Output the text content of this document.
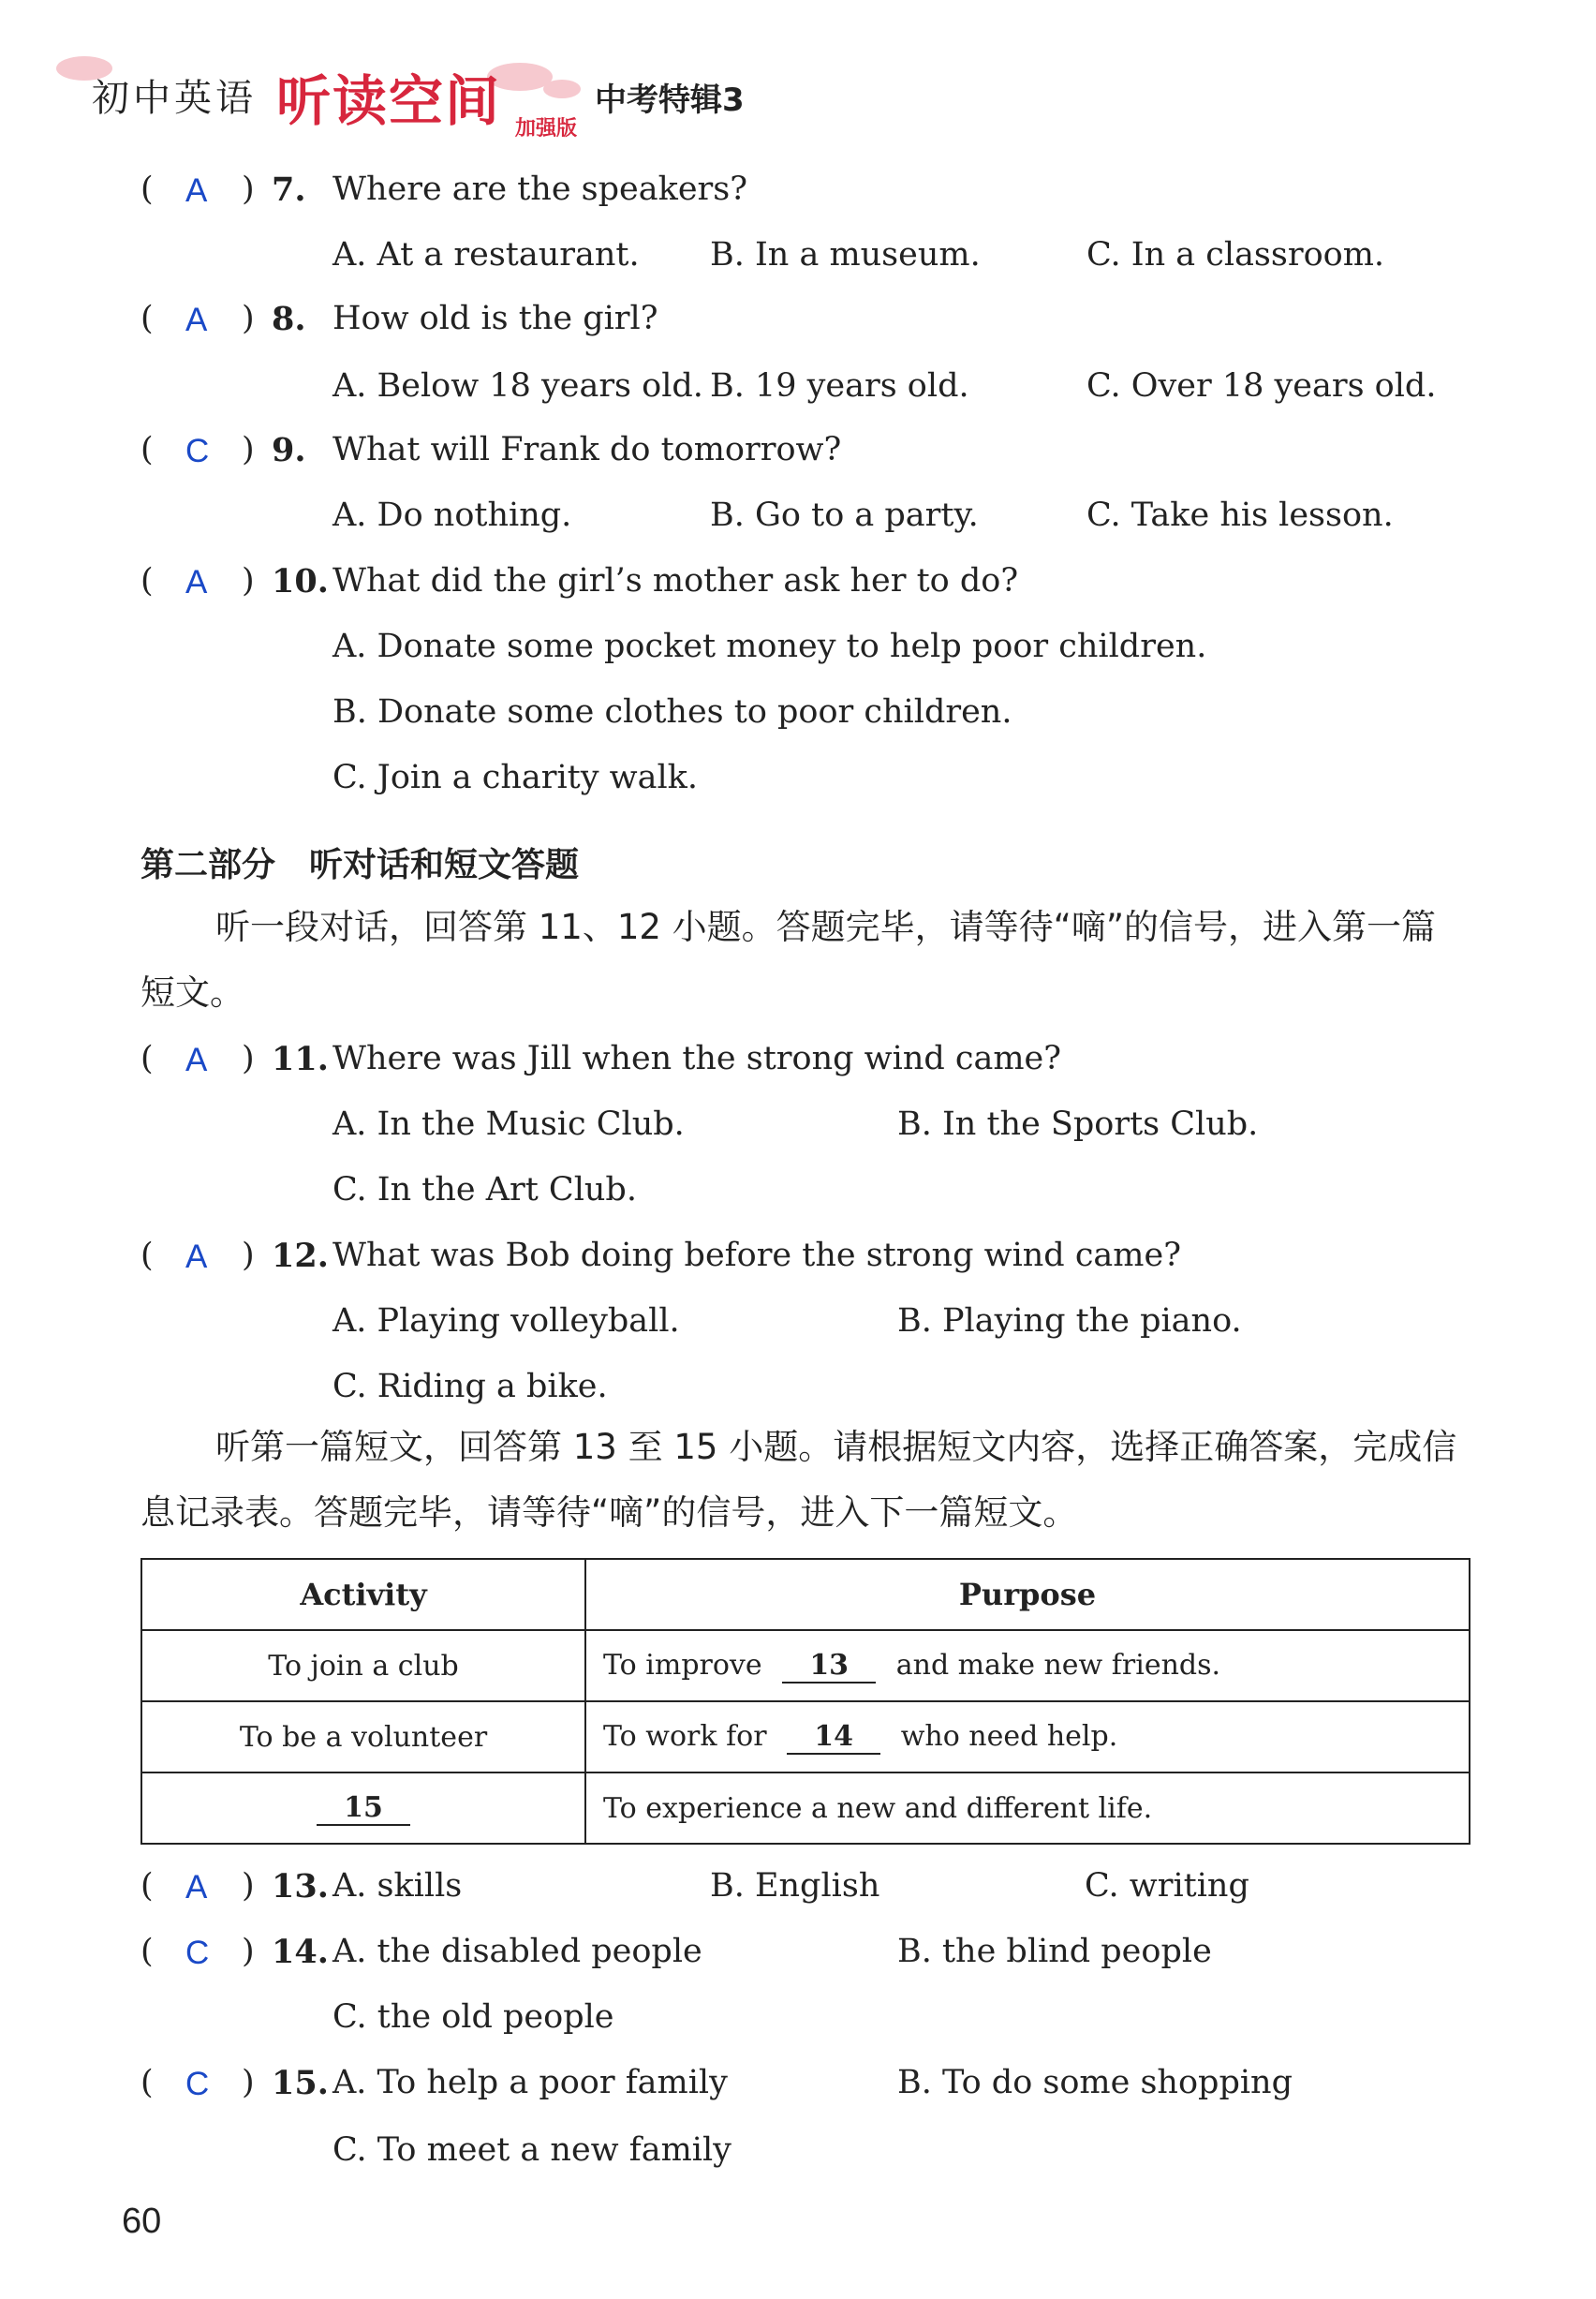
初中英语 听读空间 加强版
中考特辑3
( A ) 7. Where are the speakers?
A. At a restaurant. B. In a museum.	C. In a classroom.
( A ) 8. How old is the girl?
A. Below 18 years old. B. 19 years old.	C. Over 18 years old.
( C ) 9. What will Frank do tomorrow?
A. Do nothing.	B. Go to a party.	C. Take his lesson.
( A ) 10. What did the girl’s mother ask her to do?
A. Donate some pocket money to help poor children.
B. Donate some clothes to poor children.
C. Join a charity walk.
第二部分　听对话和短文答题
听一段对话，回答第 11、12 小题。答题完毕，请等待“嘀”的信号，进入第一篇短文。
( A ) 11. Where was Jill when the strong wind came?
A. In the Music Club.	B. In the Sports Club.
C. In the Art Club.
( A ) 12. What was Bob doing before the strong wind came?
A. Playing volleyball.	B. Playing the piano.
C. Riding a bike.
听第一篇短文，回答第 13 至 15 小题。请根据短文内容，选择正确答案，完成信息记录表。答题完毕，请等待“嘀”的信号，进入下一篇短文。
Activity	Purpose
To join a club	To improve 13 and make new friends.
To be a volunteer	To work for 14 who need help.
15	To experience a new and different life.
( A ) 13. A. skills	B. English	C. writing
( C ) 14. A. the disabled people	B. the blind people
C. the old people
( C ) 15. A. To help a poor family	B. To do some shopping
C. To meet a new family
60
